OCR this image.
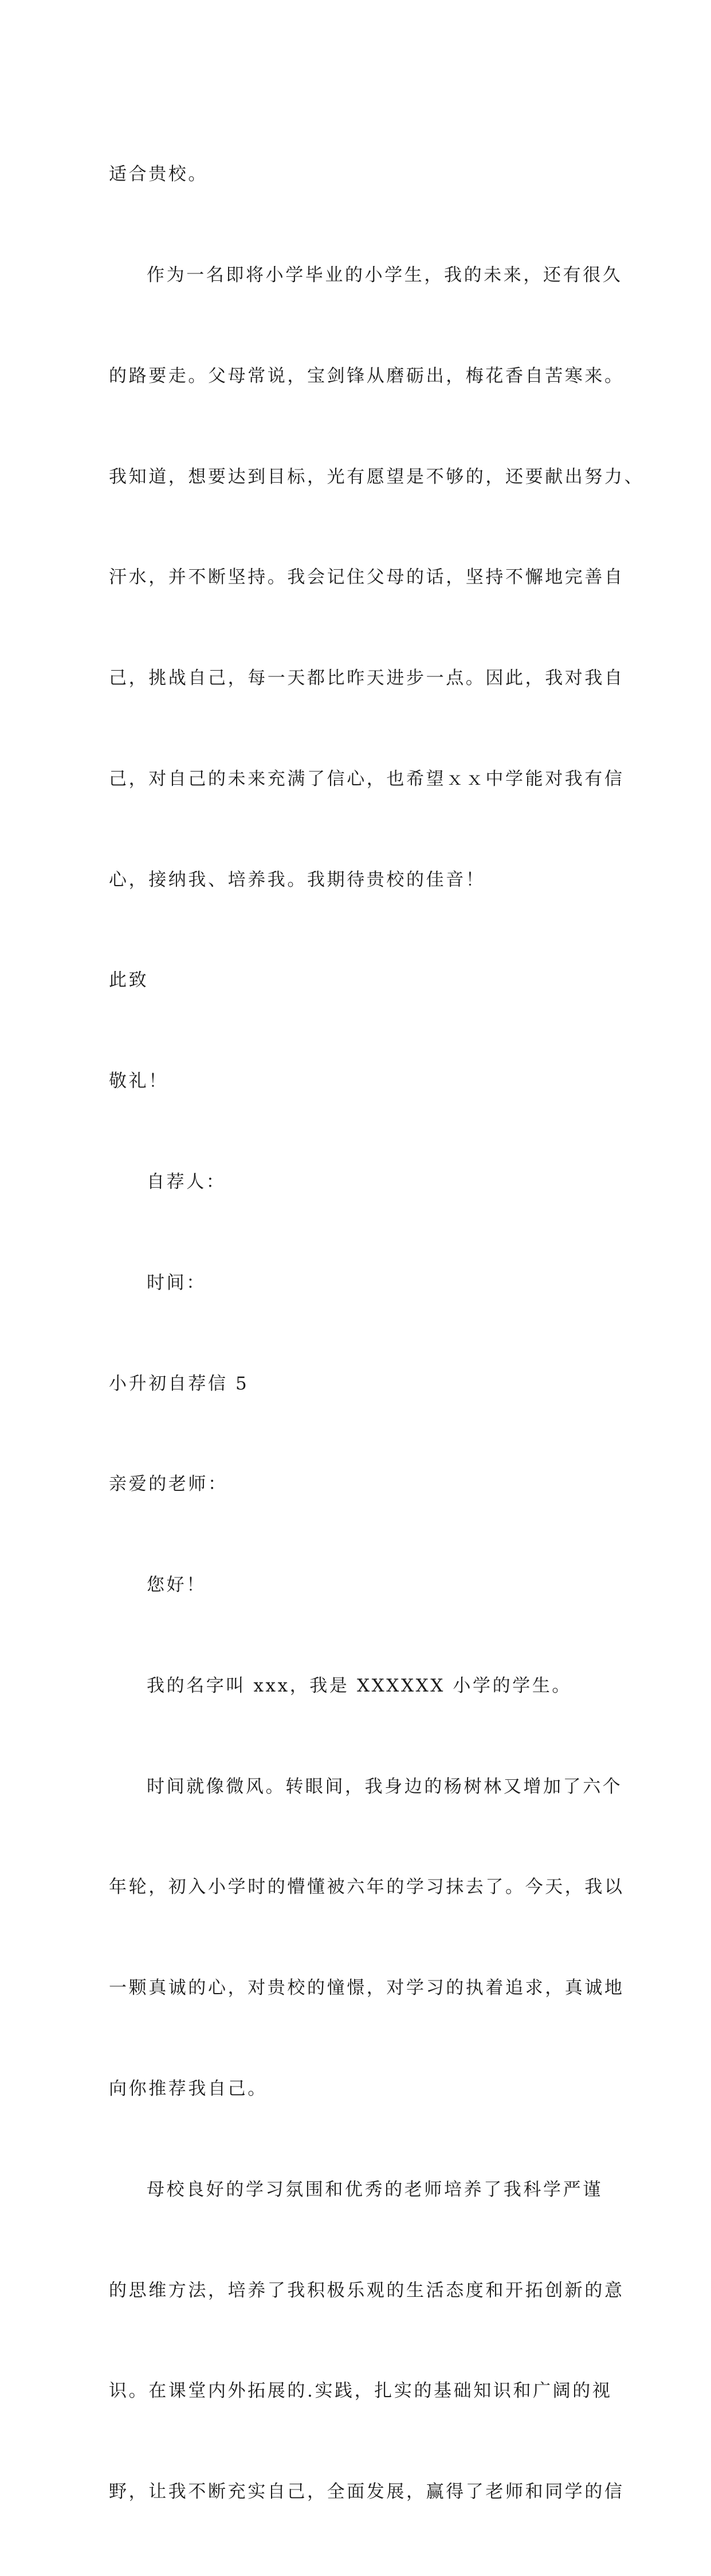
适合贵校。

作为一名即将小学毕业的小学生，我的未来，还有很久

的路要走。父母常说，宝剑锋从磨砺出，梅花香自苦寒来。

我知道，想要达到目标，光有愿望是不够的，还要献出努力、

汗水，并不断坚持。我会记住父母的话，坚持不懈地完善自

己，挑战自己，每一天都比昨天进步一点。因此，我对我自

己，对自己的未来充满了信心，也希望ｘｘ中学能对我有信

心，接纳我、培养我。我期待贵校的佳音！

此致

敬礼！

自荐人：

时间：

小升初自荐信 5

亲爱的老师：

您好！

我的名字叫 xxx，我是 XXXXXX 小学的学生。

时间就像微风。转眼间，我身边的杨树林又增加了六个

年轮，初入小学时的懵懂被六年的学习抹去了。今天，我以

一颗真诚的心，对贵校的憧憬，对学习的执着追求，真诚地

向你推荐我自己。

母校良好的学习氛围和优秀的老师培养了我科学严谨

的思维方法，培养了我积极乐观的生活态度和开拓创新的意

识。在课堂内外拓展的.实践，扎实的基础知识和广阔的视

野，让我不断充实自己，全面发展，赢得了老师和同学的信
